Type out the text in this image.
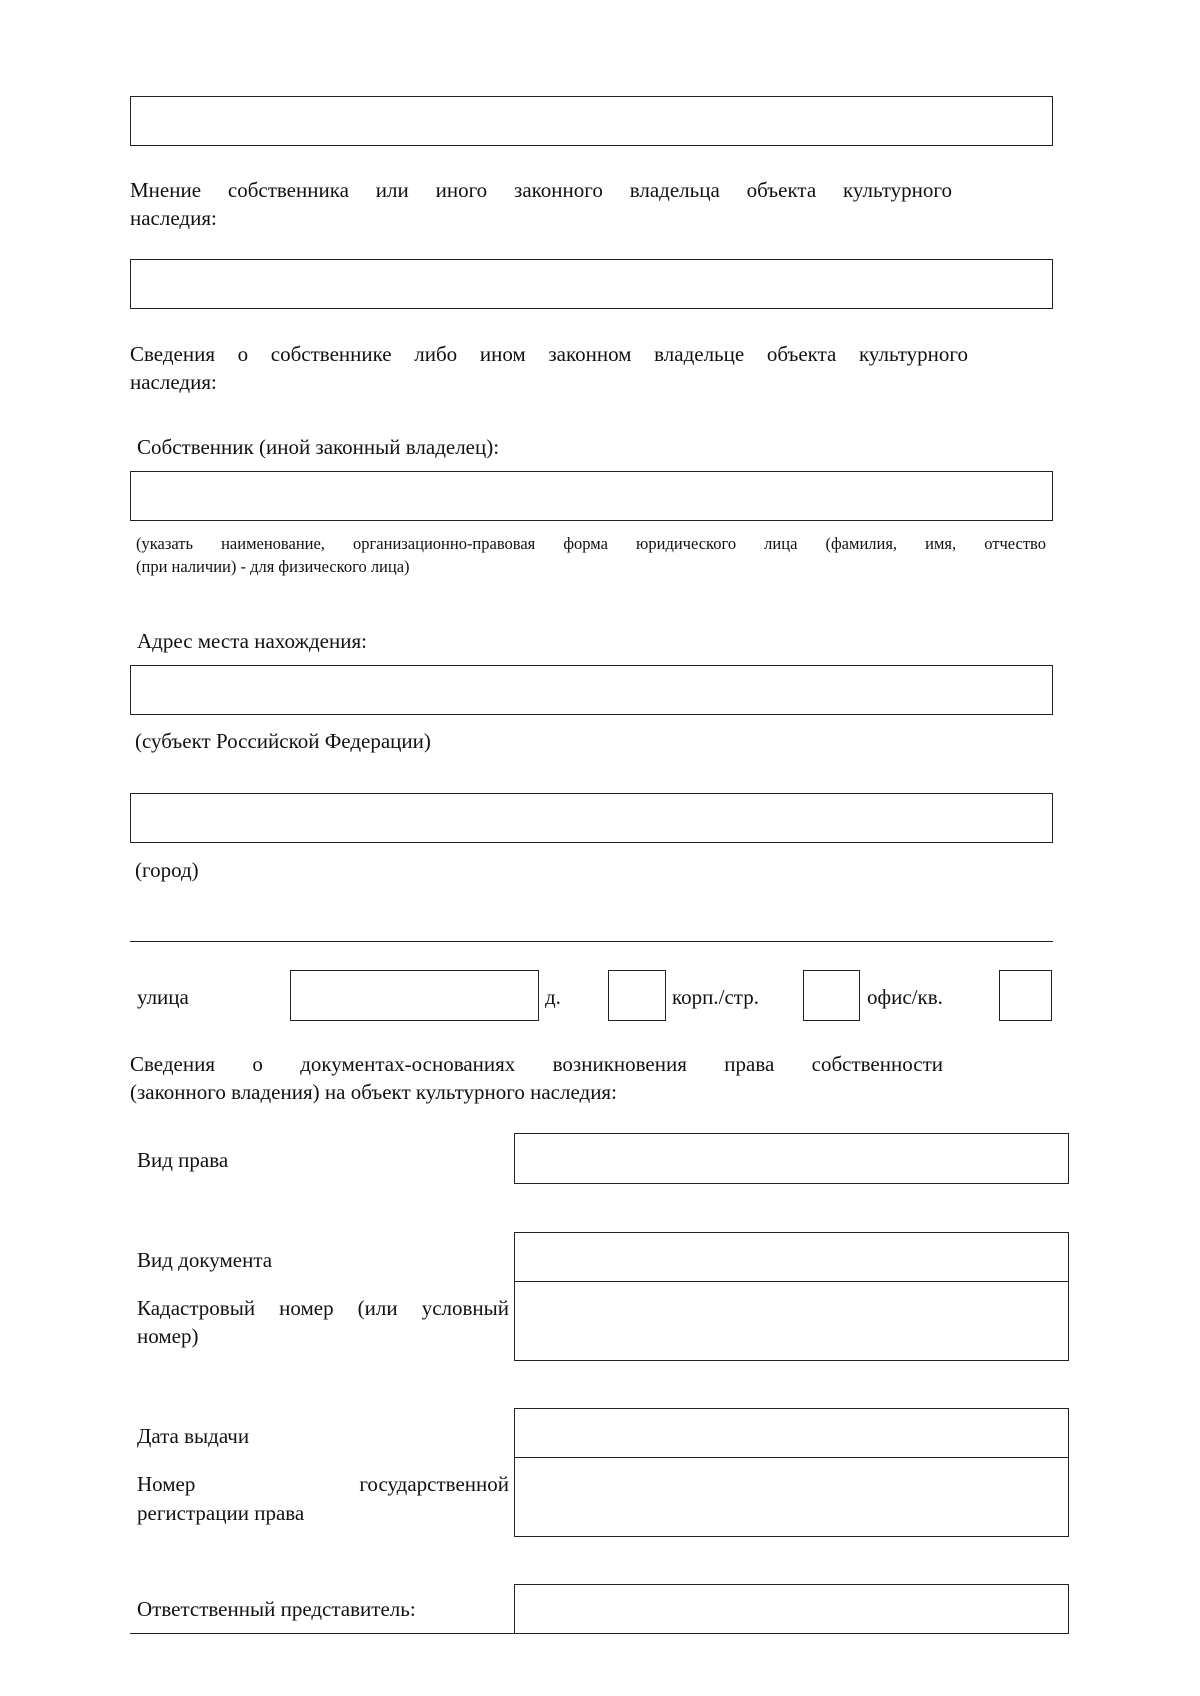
Мнение собственника или иного законного владельца объекта культурного
наследия:
Сведения о собственнике либо ином законном владельце объекта культурного
наследия:
Собственник (иной законный владелец):
(указать наименование, организационно-правовая форма юридического лица (фамилия, имя, отчество
(при наличии) - для физического лица)
Адрес места нахождения:
(субъект Российской Федерации)
(город)
улица	д.	корп./стр.	офис/кв.
Сведения о документах-основаниях возникновения права собственности
(законного владения) на объект культурного наследия:
Вид права
Вид документа
Кадастровый номер (или условный
номер)
Дата выдачи
Номер государственной
регистрации права
Ответственный представитель:
